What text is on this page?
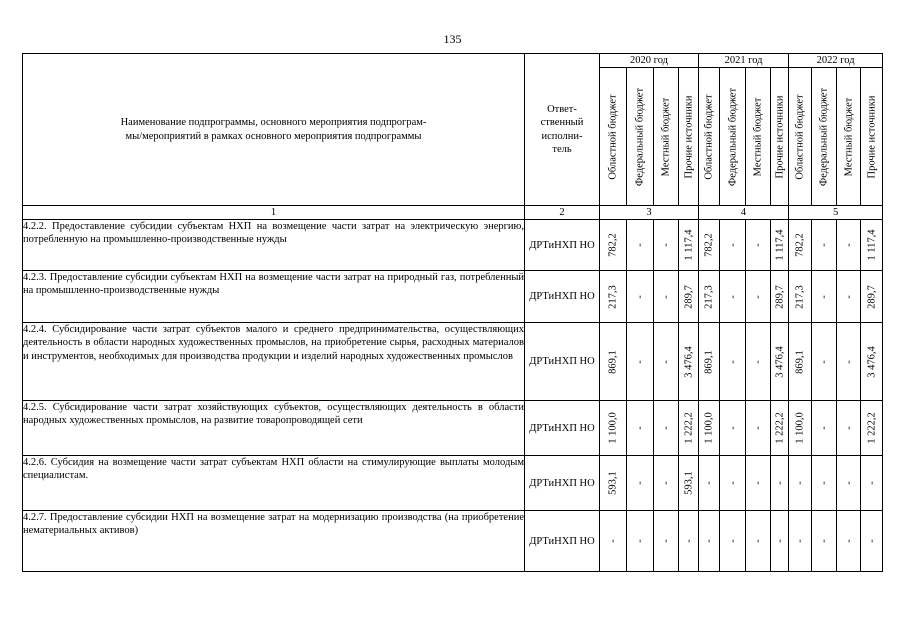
135
Наименование подпрограммы, основного мероприятия подпрограм-
мы/мероприятий в рамках основного мероприятия подпрограммы	Ответ-
ственный
исполни-
тель	2020 год				2021 год				2022 год			

		Областной бюджет	Федеральный бюджет	Местный бюджет	Прочие источники	Областной бюджет	Федеральный бюджет	Местный бюджет	Прочие источники	Областной бюджет	Федеральный бюджет	Местный бюджет	Прочие источники

1	2	3				4				5			
4.2.2. Предоставление субсидии субъектам НХП на возмещение части затрат на электрическую энергию, потребленную на промышленно-производственные нужды	ДРТиНХП НО	782,2	-	-	1 117,4	782,2	-	-	1 117,4	782,2	-	-	1 117,4

4.2.3. Предоставление субсидии субъектам НХП на возмещение части затрат на природный газ, потребленный на промышленно-производственные нужды	ДРТиНХП НО	217,3	-	-	289,7	217,3	-	-	289,7	217,3	-	-	289,7

4.2.4. Субсидирование части затрат субъектов малого и среднего предпринимательства, осуществляющих деятельность в области народных художественных промыслов, на приобретение сырья, расходных материалов и инструментов, необходимых для производства продукции и изделий народных художественных промыслов	ДРТиНХП НО	869,1	-	-	3 476,4	869,1	-	-	3 476,4	869,1	-	-	3 476,4

4.2.5. Субсидирование части затрат хозяйствующих субъектов, осуществляющих деятельность в области народных художественных промыслов, на развитие товаропроводящей сети	ДРТиНХП НО	1 100,0	-	-	1 222,2	1 100,0	-	-	1 222,2	1 100,0	-	-	1 222,2

4.2.6. Субсидия на возмещение части затрат субъектам НХП области на стимулирующие выплаты молодым специалистам.	ДРТиНХП НО	593,1	-	-	593,1	-	-	-	-	-	-	-	-

4.2.7. Предоставление субсидии НХП на возмещение затрат на модернизацию производства (на приобретение нематериальных активов)	ДРТиНХП НО	-	-	-	-	-	-	-	-	-	-	-	-
